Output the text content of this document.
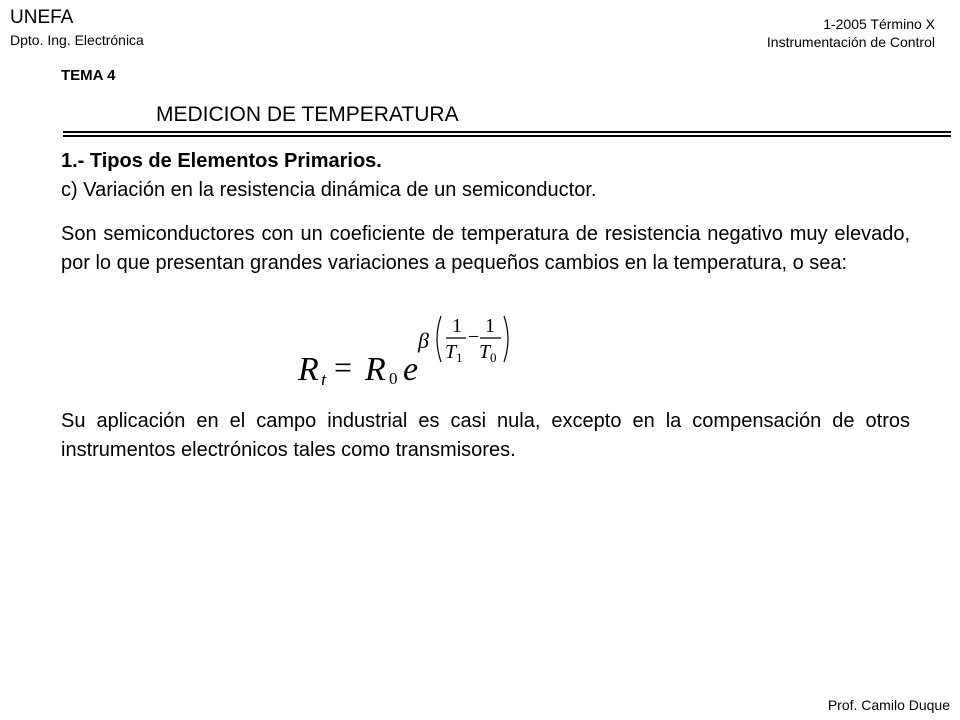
UNEFA
Dpto. Ing. Electrónica
1-2005 Término X
Instrumentación de Control
TEMA 4
MEDICION DE TEMPERATURA
1.- Tipos de Elementos Primarios.
c) Variación en la resistencia dinámica de un semiconductor.
Son semiconductores con un coeficiente de temperatura de resistencia negativo muy elevado, por lo que presentan grandes variaciones a pequeños cambios en la temperatura, o sea:
R t = R 0 e
β
1
T 1
− 1
T 0
Su aplicación en el campo industrial es casi nula, excepto en la compensación de otros instrumentos electrónicos tales como transmisores.
Prof. Camilo Duque
